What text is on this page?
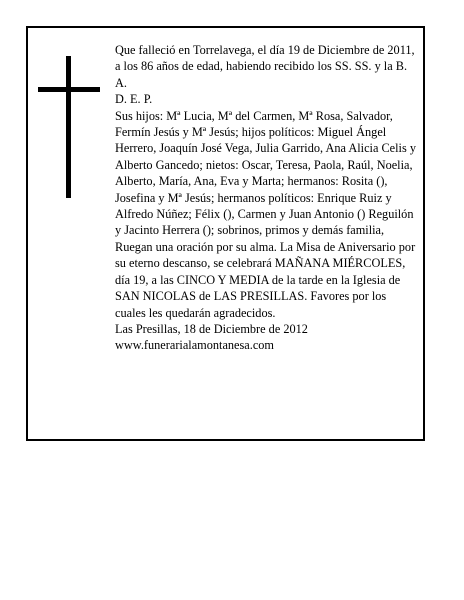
Que falleció en Torrelavega, el día 19 de Diciembre de 2011, a los 86 años de edad, habiendo recibido los SS. SS. y la B. A.

D. E. P.

Sus hijos: Mª Lucia, Mª del Carmen, Mª Rosa, Salvador, Fermín Jesús y Mª Jesús; hijos políticos: Miguel Ángel Herrero, Joaquín José Vega, Julia Garrido, Ana Alicia Celis y Alberto Gancedo; nietos: Oscar, Teresa, Paola, Raúl, Noelia, Alberto, María, Ana, Eva y Marta; hermanos: Rosita (), Josefina y Mª Jesús; hermanos políticos: Enrique Ruiz y Alfredo Núñez; Félix (), Carmen y Juan Antonio () Reguilón y Jacinto Herrera (); sobrinos, primos y demás familia, Ruegan una oración por su alma. La Misa de Aniversario por su eterno descanso, se celebrará MAÑANA MIÉRCOLES, día 19, a las CINCO Y MEDIA de la tarde en la Iglesia de SAN NICOLAS de LAS PRESILLAS. Favores por los cuales les quedarán agradecidos.

Las Presillas, 18 de Diciembre de 2012

www.funerarialamontanesa.com
